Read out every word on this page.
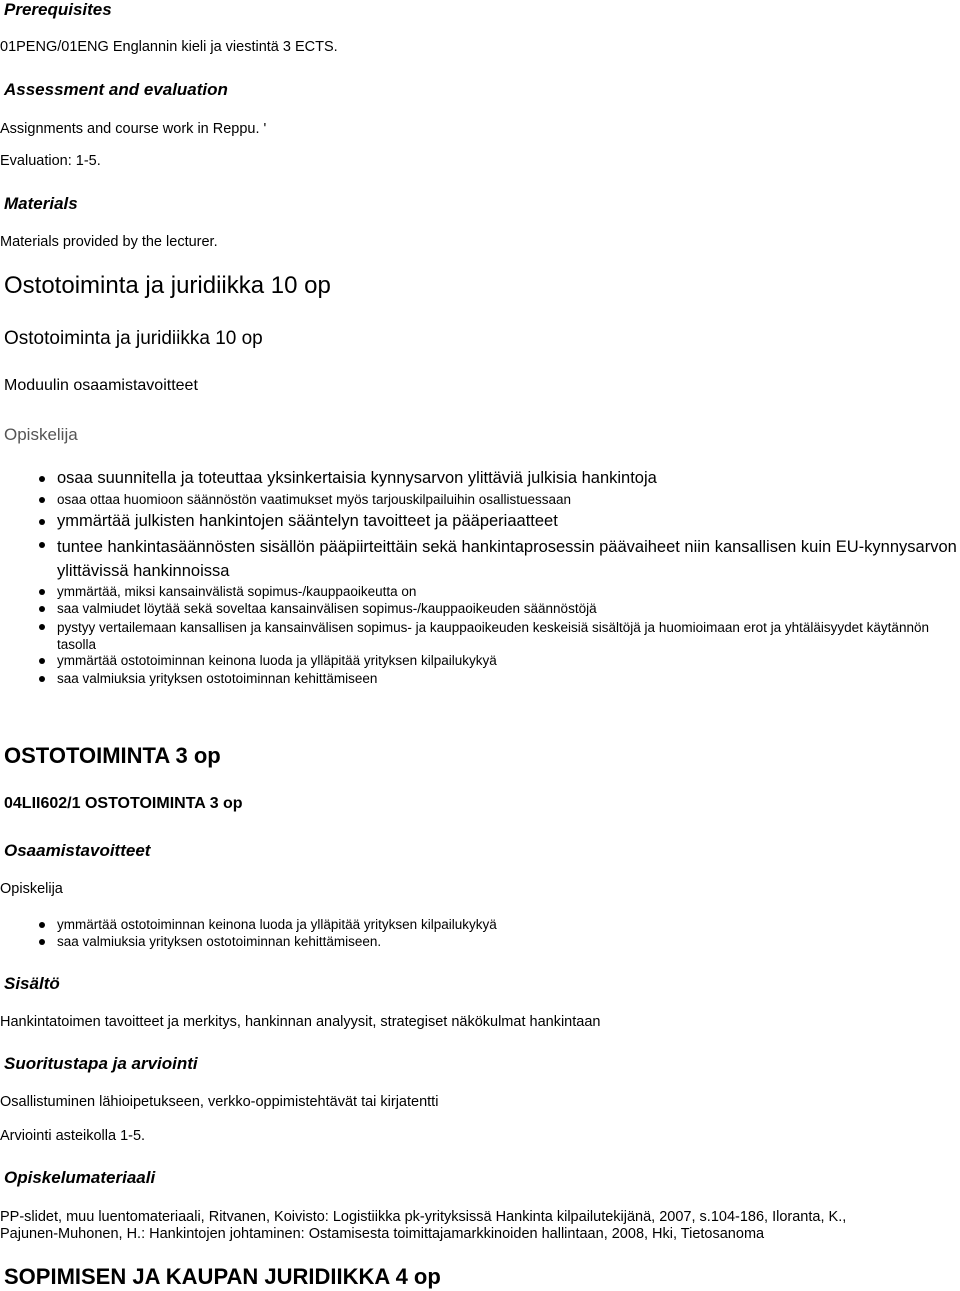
Prerequisites
01PENG/01ENG Englannin kieli ja viestintä 3 ECTS.
Assessment and evaluation
Assignments and course work in Reppu. '
Evaluation: 1-5.
Materials
Materials provided by the lecturer.
Ostotoiminta ja juridiikka 10 op
Ostotoiminta ja juridiikka 10 op
Moduulin osaamistavoitteet
Opiskelija
osaa suunnitella ja toteuttaa yksinkertaisia kynnysarvon ylittäviä julkisia hankintoja
osaa ottaa huomioon säännöstön vaatimukset myös tarjouskilpailuihin osallistuessaan
ymmärtää julkisten hankintojen sääntelyn tavoitteet ja pääperiaatteet
tuntee hankintasäännösten sisällön pääpiirteittäin sekä hankintaprosessin päävaiheet niin kansallisen kuin EU-kynnysarvon ylittävissä hankinnoissa
ymmärtää, miksi kansainvälistä sopimus-/kauppaoikeutta on
saa valmiudet löytää sekä soveltaa kansainvälisen sopimus-/kauppaoikeuden säännöstöjä
pystyy vertailemaan kansallisen ja kansainvälisen sopimus- ja kauppaoikeuden keskeisiä sisältöjä ja huomioimaan erot ja yhtäläisyydet käytännön tasolla
ymmärtää ostotoiminnan keinona luoda ja ylläpitää yrityksen kilpailukykyä
saa valmiuksia yrityksen ostotoiminnan kehittämiseen
OSTOTOIMINTA 3 op
04LII602/1 OSTOTOIMINTA 3 op
Osaamistavoitteet
Opiskelija
ymmärtää ostotoiminnan keinona luoda ja ylläpitää yrityksen kilpailukykyä
saa valmiuksia yrityksen ostotoiminnan kehittämiseen.
Sisältö
Hankintatoimen tavoitteet ja merkitys, hankinnan analyysit, strategiset näkökulmat hankintaan
Suoritustapa ja arviointi
Osallistuminen lähioipetukseen, verkko-oppimistehtävät tai kirjatentti
Arviointi asteikolla 1-5.
Opiskelumateriaali
PP-slidet, muu luentomateriaali, Ritvanen, Koivisto: Logistiikka pk-yrityksissä Hankinta kilpailutekijänä, 2007, s.104-186, Iloranta, K., Pajunen-Muhonen, H.: Hankintojen johtaminen: Ostamisesta toimittajamarkkinoiden hallintaan, 2008, Hki, Tietosanoma
SOPIMISEN JA KAUPAN JURIDIIKKA 4 op
